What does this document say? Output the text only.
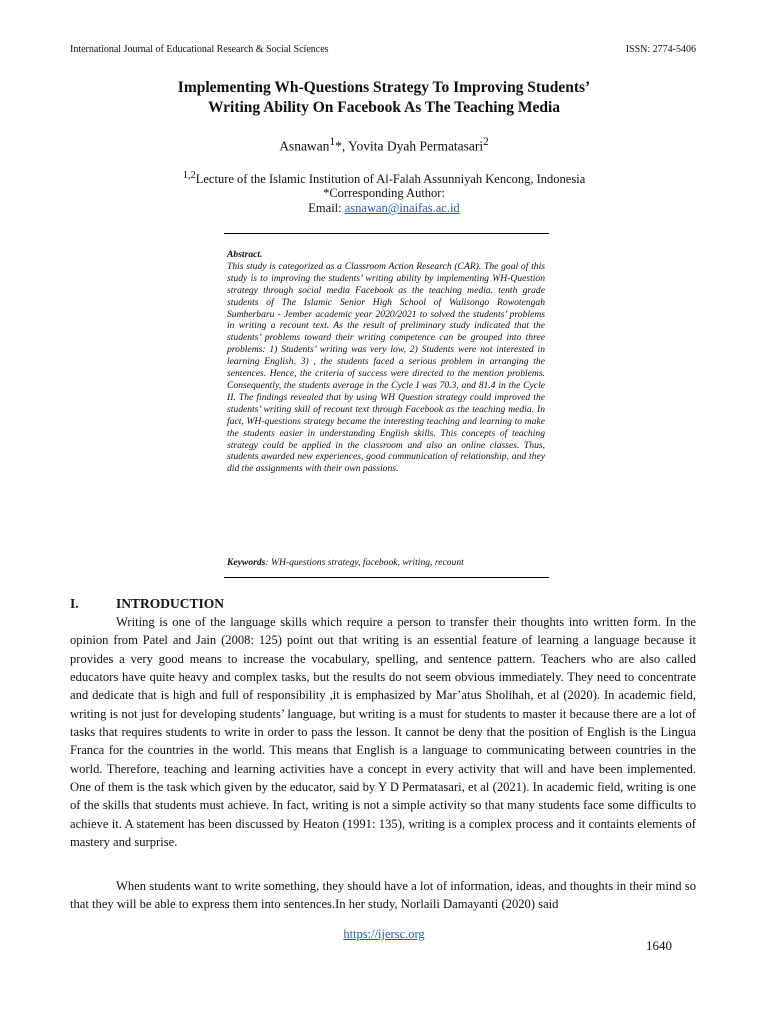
International Journal of Educational Research & Social Sciences	ISSN: 2774-5406
Implementing Wh-Questions Strategy To Improving Students’
Writing Ability On Facebook As The Teaching Media
Asnawan$^1$*, Yovita Dyah Permatasari$^2$
$^{1,2}$Lecture of the Islamic Institution of Al-Falah Assunniyah Kencong, Indonesia
*Corresponding Author:
Email: asnawan@inaifas.ac.id
Abstract.
This study is categorized as a Classroom Action Research (CAR). The goal of this study is to improving the students’ writing ability by implementing WH-Question strategy through social media Facebook as the teaching media. tenth grade students of The Islamic Senior High School of Walisongo Rowotengah Sumberbaru - Jember academic year 2020/2021 to solved the students’ problems in writing a recount text. As the result of preliminary study indicated that the students’ problems toward their writing competence can be grouped into three problems: 1) Students’ writing was very low, 2) Students were not interested in learning English, 3) , the students faced a serious problem in arranging the sentences. Hence, the criteria of success were directed to the mention problems. Consequently, the students average in the Cycle I was 70.3, and 81.4 in the Cycle II. The findings revealed that by using WH Question strategy could improved the students’ writing skill of recount text through Facebook as the teaching media. In fact, WH-questions strategy became the interesting teaching and learning to make the students easier in understanding English skills. This concepts of teaching strategy could be applied in the classroom and also an online classes. Thus, students awarded new experiences, good communication of relationship, and they did the assignments with their own passions.
Keywords: WH-questions strategy, facebook, writing, recount
I.	INTRODUCTION

Writing is one of the language skills which require a person to transfer their thoughts into written form. In the opinion from Patel and Jain (2008: 125) point out that writing is an essential feature of learning a language because it provides a very good means to increase the vocabulary, spelling, and sentence pattern. Teachers who are also called educators have quite heavy and complex tasks, but the results do not seem obvious immediately. They need to concentrate and dedicate that is high and full of responsibility ,it is emphasized by Mar’atus Sholihah, et al (2020). In academic field, writing is not just for developing students’ language, but writing is a must for students to master it because there are a lot of tasks that requires students to write in order to pass the lesson. It cannot be deny that the position of English is the Lingua Franca for the countries in the world. This means that English is a language to communicating between countries in the world. Therefore, teaching and learning activities have a concept in every activity that will and have been implemented. One of them is the task which given by the educator, said by Y D Permatasari, et al (2021). In academic field, writing is one of the skills that students must achieve. In fact, writing is not a simple activity so that many students face some difficults to achieve it. A statement has been discussed by Heaton (1991: 135), writing is a complex process and it containts elements of mastery and surprise.

When students want to write something, they should have a lot of information, ideas, and thoughts in their mind so that they will be able to express them into sentences.In her study, Norlaili Damayanti (2020) said

https://ijersc.org
1640
